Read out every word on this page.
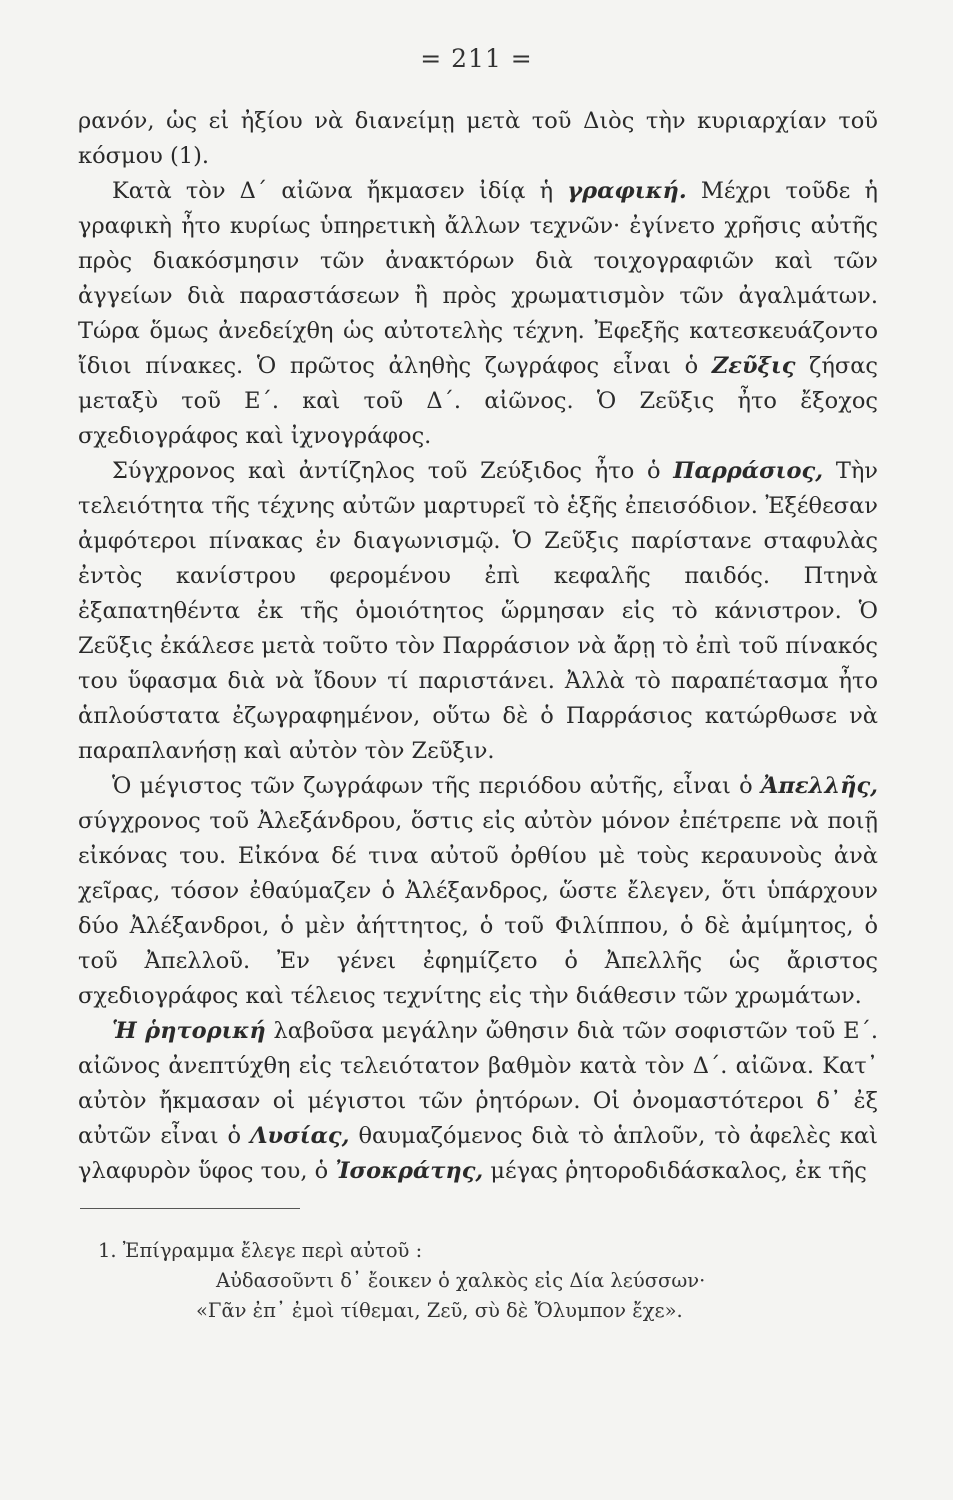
= 211 =

ρανόν, ὡς εἰ ἠξίου νὰ διανείμῃ μετὰ τοῦ Διὸς τὴν κυριαρχίαν τοῦ κόσμου (1).

Κατὰ τὸν Δ΄ αἰῶνα ἤκμασεν ἰδίᾳ ἡ γραφική. Μέχρι τοῦδε ἡ γραφικὴ ἦτο κυρίως ὑπηρετικὴ ἄλλων τεχνῶν· ἐγίνετο χρῆσις αὐτῆς πρὸς διακόσμησιν τῶν ἀνακτόρων διὰ τοιχογραφιῶν καὶ τῶν ἀγγείων διὰ παραστάσεων ἢ πρὸς χρωματισμὸν τῶν ἀγαλμάτων. Τώρα ὅμως ἀνεδείχθη ὡς αὐτοτελὴς τέχνη. Ἐφεξῆς κατεσκευάζοντο ἴδιοι πίνακες. Ὁ πρῶτος ἀληθὴς ζωγράφος εἶναι ὁ Ζεῦξις ζήσας μεταξὺ τοῦ Ε΄. καὶ τοῦ Δ΄. αἰῶνος. Ὁ Ζεῦξις ἦτο ἔξοχος σχεδιογράφος καὶ ἰχνογράφος.

Σύγχρονος καὶ ἀντίζηλος τοῦ Ζεύξιδος ἦτο ὁ Παρράσιος, Τὴν τελειότητα τῆς τέχνης αὐτῶν μαρτυρεῖ τὸ ἑξῆς ἐπεισόδιον. Ἐξέθεσαν ἀμφότεροι πίνακας ἐν διαγωνισμῷ. Ὁ Ζεῦξις παρίστανε σταφυλὰς ἐντὸς κανίστρου φερομένου ἐπὶ κεφαλῆς παιδός. Πτηνὰ ἐξαπατηθέντα ἐκ τῆς ὁμοιότητος ὥρμησαν εἰς τὸ κάνιστρον. Ὁ Ζεῦξις ἐκάλεσε μετὰ τοῦτο τὸν Παρράσιον νὰ ἄρῃ τὸ ἐπὶ τοῦ πίνακός του ὕφασμα διὰ νὰ ἴδουν τί παριστάνει. Ἀλλὰ τὸ παραπέτασμα ἦτο ἁπλούστατα ἐζωγραφημένον, οὕτω δὲ ὁ Παρράσιος κατώρθωσε νὰ παραπλανήσῃ καὶ αὐτὸν τὸν Ζεῦξιν.

Ὁ μέγιστος τῶν ζωγράφων τῆς περιόδου αὐτῆς, εἶναι ὁ Ἀπελλῆς, σύγχρονος τοῦ Ἀλεξάνδρου, ὅστις εἰς αὐτὸν μόνον ἐπέτρεπε νὰ ποιῇ εἰκόνας του. Εἰκόνα δέ τινα αὐτοῦ ὀρθίου μὲ τοὺς κεραυνοὺς ἀνὰ χεῖρας, τόσον ἐθαύμαζεν ὁ Ἀλέξανδρος, ὥστε ἔλεγεν, ὅτι ὑπάρχουν δύο Ἀλέξανδροι, ὁ μὲν ἀήττητος, ὁ τοῦ Φιλίππου, ὁ δὲ ἀμίμητος, ὁ τοῦ Ἀπελλοῦ. Ἐν γένει ἐφημίζετο ὁ Ἀπελλῆς ὡς ἄριστος σχεδιογράφος καὶ τέλειος τεχνίτης εἰς τὴν διάθεσιν τῶν χρωμάτων.

Ἡ ῥητορική λαβοῦσα μεγάλην ὤθησιν διὰ τῶν σοφιστῶν τοῦ Ε΄. αἰῶνος ἀνεπτύχθη εἰς τελειότατον βαθμὸν κατὰ τὸν Δ΄. αἰῶνα. Κατ᾽ αὐτὸν ἤκμασαν οἱ μέγιστοι τῶν ῥητόρων. Οἱ ὀνομαστότεροι δ᾽ ἐξ αὐτῶν εἶναι ὁ Λυσίας, θαυμαζόμενος διὰ τὸ ἁπλοῦν, τὸ ἀφελὲς καὶ γλαφυρὸν ὕφος του, ὁ Ἰσοκράτης, μέγας ῥητοροδιδάσκαλος, ἐκ τῆς

1. Ἐπίγραμμα ἔλεγε περὶ αὐτοῦ :
Αὐδασοῦντι δ᾽ ἔοικεν ὁ χαλκὸς εἰς Δία λεύσσων·
«Γᾶν ἐπ᾽ ἐμοὶ τίθεμαι, Ζεῦ, σὺ δὲ Ὄλυμπον ἔχε».
